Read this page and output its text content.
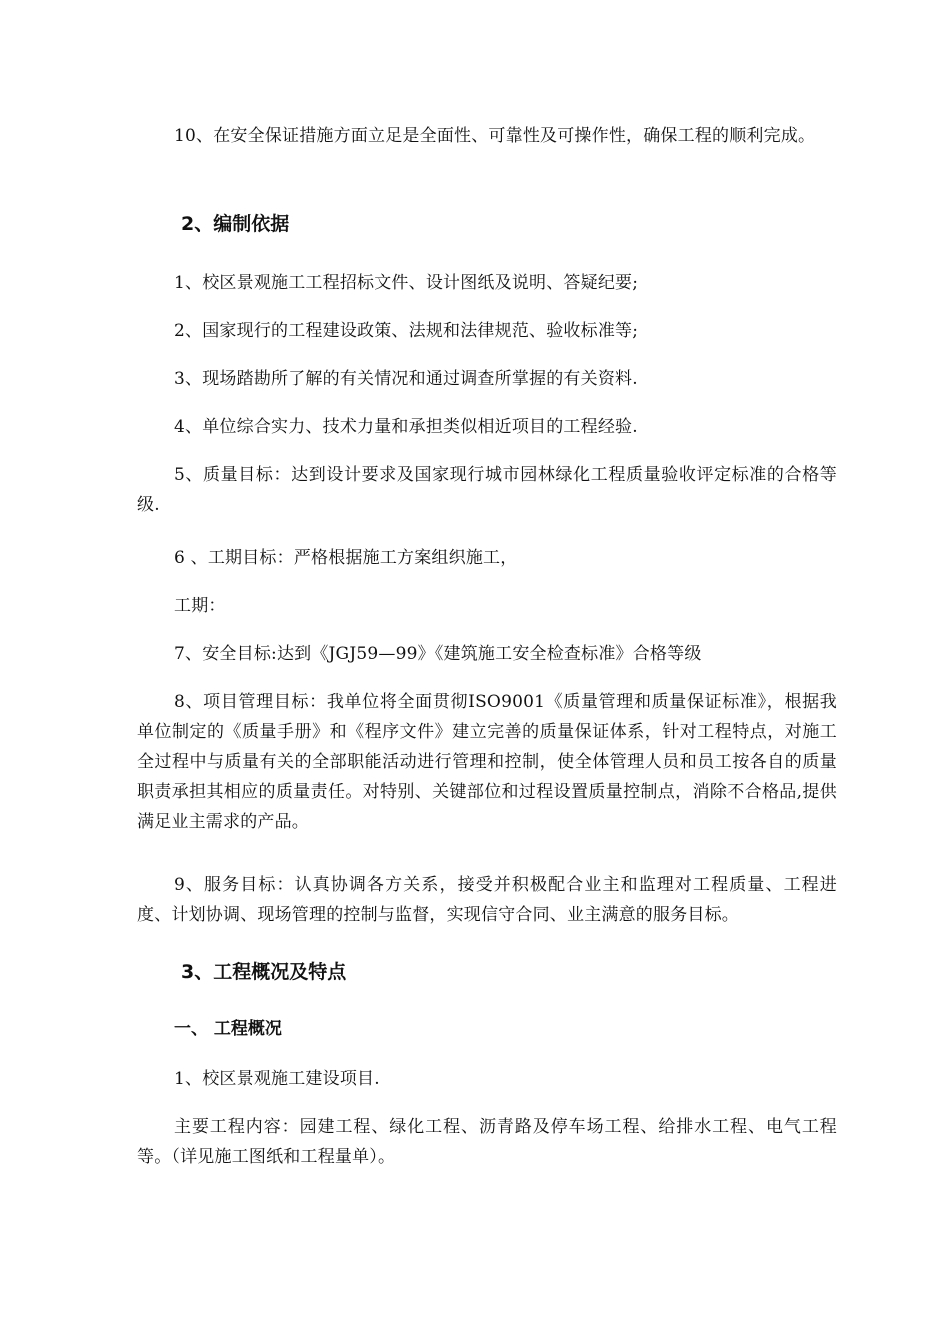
10、在安全保证措施方面立足是全面性、可靠性及可操作性，确保工程的顺利完成。

2、编制依据

1、校区景观施工工程招标文件、设计图纸及说明、答疑纪要;

2、国家现行的工程建设政策、法规和法律规范、验收标准等;

3、现场踏勘所了解的有关情况和通过调查所掌握的有关资料.

4、单位综合实力、技术力量和承担类似相近项目的工程经验.

5、质量目标：达到设计要求及国家现行城市园林绿化工程质量验收评定标准的合格等级.

6 、工期目标：严格根据施工方案组织施工，

工期：

7、安全目标:达到《JGJ59—99》《建筑施工安全检查标准》合格等级

8、项目管理目标：我单位将全面贯彻ISO9001《质量管理和质量保证标准》，根据我单位制定的《质量手册》和《程序文件》建立完善的质量保证体系，针对工程特点，对施工全过程中与质量有关的全部职能活动进行管理和控制，使全体管理人员和员工按各自的质量职责承担其相应的质量责任。对特别、关键部位和过程设置质量控制点，消除不合格品,提供满足业主需求的产品。

9、服务目标：认真协调各方关系，接受并积极配合业主和监理对工程质量、工程进度、计划协调、现场管理的控制与监督，实现信守合同、业主满意的服务目标。

3、工程概况及特点
一、 工程概况

1、校区景观施工建设项目.

主要工程内容：园建工程、绿化工程、沥青路及停车场工程、给排水工程、电气工程等。（详见施工图纸和工程量单）。
